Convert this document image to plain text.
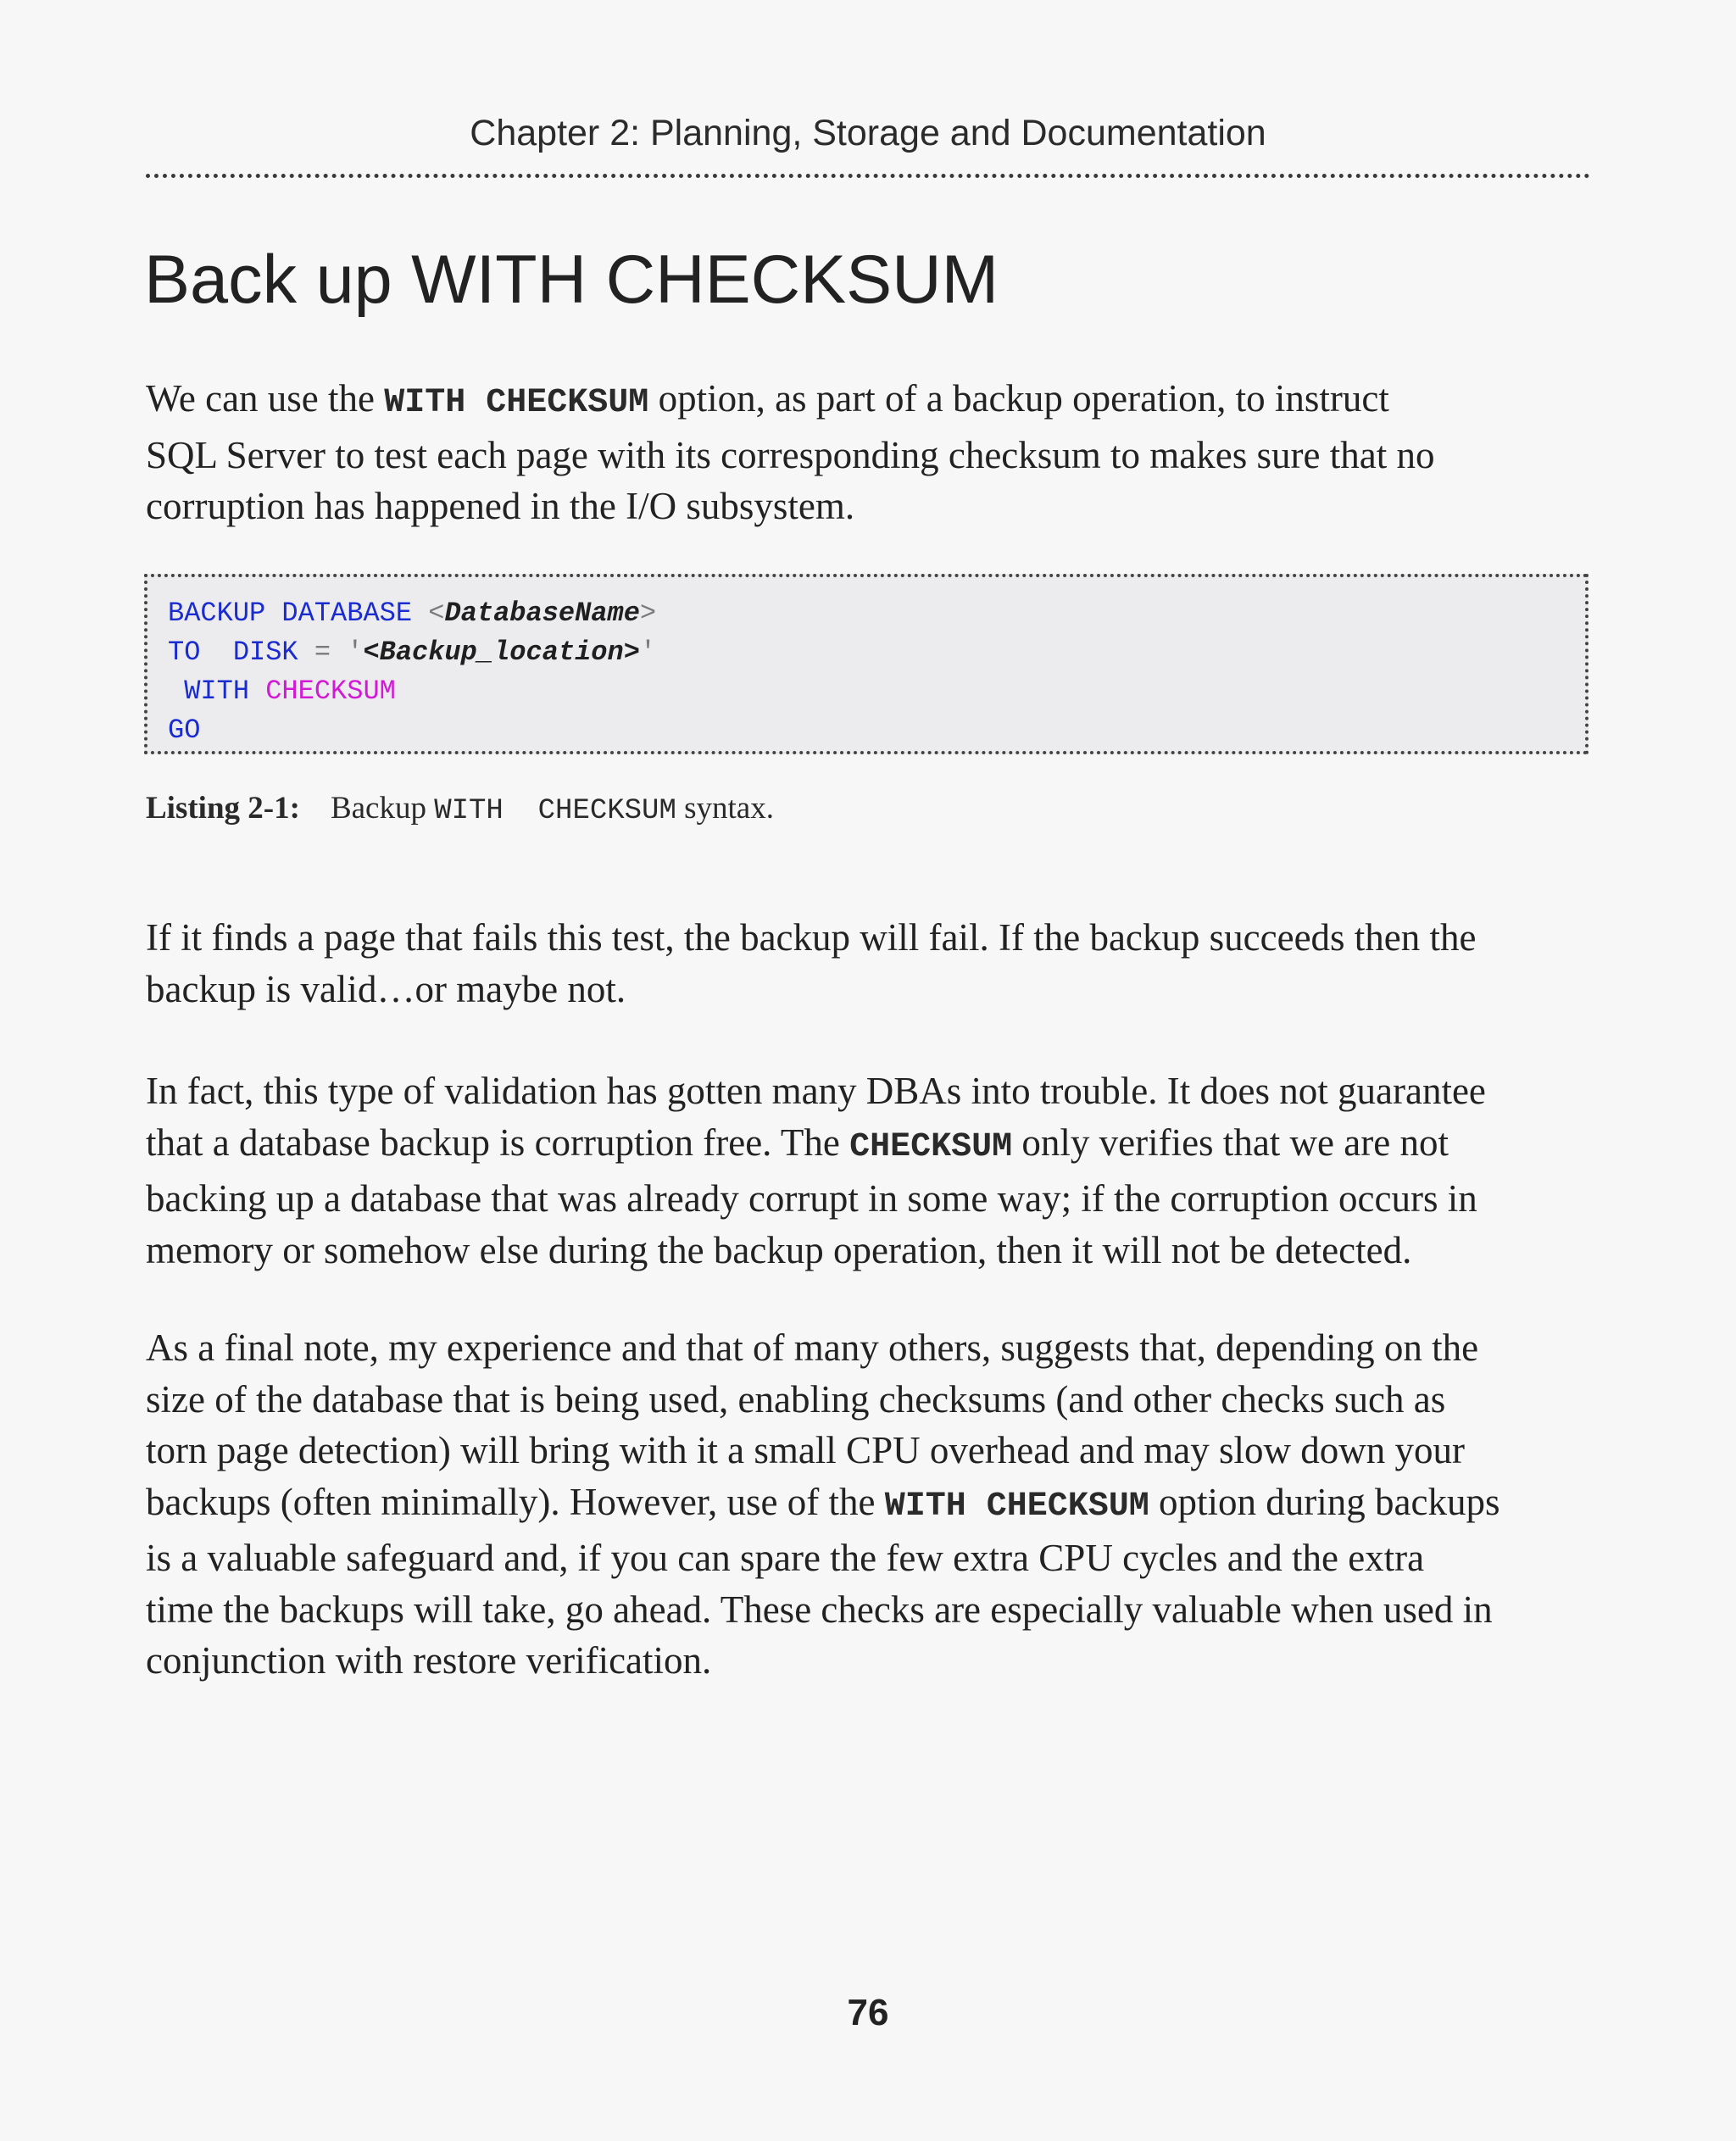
Chapter 2: Planning, Storage and Documentation
Back up WITH CHECKSUM

We can use the WITH CHECKSUM option, as part of a backup operation, to instruct
SQL Server to test each page with its corresponding checksum to makes sure that no
corruption has happened in the I/O subsystem.

BACKUP DATABASE <DatabaseName>
TO DISK = '<Backup_location>'
WITH CHECKSUM
GO
Listing 2-1: Backup WITH  CHECKSUM syntax.

If it finds a page that fails this test, the backup will fail. If the backup succeeds then the
backup is valid…or maybe not.

In fact, this type of validation has gotten many DBAs into trouble. It does not guarantee
that a database backup is corruption free. The CHECKSUM only verifies that we are not
backing up a database that was already corrupt in some way; if the corruption occurs in
memory or somehow else during the backup operation, then it will not be detected.

As a final note, my experience and that of many others, suggests that, depending on the
size of the database that is being used, enabling checksums (and other checks such as
torn page detection) will bring with it a small CPU overhead and may slow down your
backups (often minimally). However, use of the WITH CHECKSUM option during backups
is a valuable safeguard and, if you can spare the few extra CPU cycles and the extra
time the backups will take, go ahead. These checks are especially valuable when used in
conjunction with restore verification.

76
